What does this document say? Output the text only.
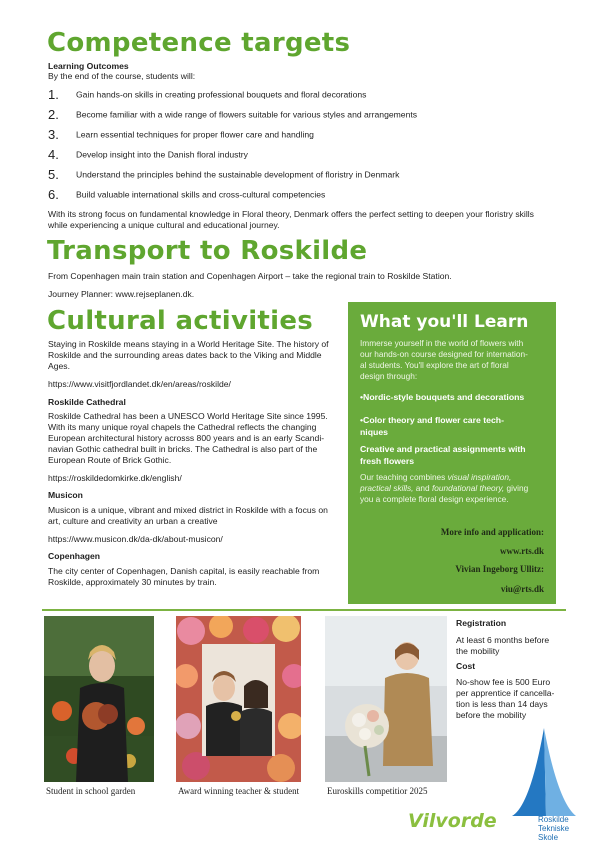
Competence targets
Learning Outcomes
By the end of the course, students will:
1. Gain hands-on skills in creating professional bouquets and floral decorations
2. Become familiar with a wide range of flowers suitable for various styles and arrangements
3. Learn essential techniques for proper flower care and handling
4. Develop insight into the Danish floral industry
5. Understand the principles behind the sustainable development of floristry in Denmark
6. Build valuable international skills and cross-cultural competencies
With its strong focus on fundamental knowledge in Floral theory, Denmark offers the perfect setting to deepen your floristry skills
while experiencing a unique cultural and educational journey.
Transport to Roskilde
From Copenhagen main train station and Copenhagen Airport – take the regional train to Roskilde Station.
Journey Planner: www.rejseplanen.dk.
Cultural activities
Staying in Roskilde means staying in a World Heritage Site. The history of
Roskilde and the surrounding areas dates back to the Viking and Middle
Ages.
https://www.visitfjordlandet.dk/en/areas/roskilde/
Roskilde Cathedral
Roskilde Cathedral has been a UNESCO World Heritage Site since 1995.
With its many unique royal chapels the Cathedral reflects the changing
European architectural history acrosss 800 years and is an early Scandi-
navian Gothic cathedral built in bricks. The Cathedral is also part of the
European Route of Brick Gothic.
https://roskildedomkirke.dk/english/
Musicon
Musicon is a unique, vibrant and mixed district in Roskilde with a focus on
art, culture and creativity an urban a creative
https://www.musicon.dk/da-dk/about-musicon/
Copenhagen
The city center of Copenhagen, Danish capital, is easily reachable from
Roskilde, approximately 30 minutes by train.
What you'll Learn
Immerse yourself in the world of flowers with
our hands-on course designed for internation-
al students. You'll explore the art of floral
design through:
•Nordic-style bouquets and decorations
•Color theory and flower care tech-
niques
Creative and practical assignments with
fresh flowers
Our teaching combines visual inspiration,
practical skills, and foundational theory, giving
you a complete floral design experience.
More info and application:
www.rts.dk
Vivian Ingeborg Ullitz:
viu@rts.dk
Student in school garden	Award winning teacher & student	Euroskills competitior 2025
Registration
At least 6 months before
the mobility
Cost
No-show fee is 500 Euro
per apprentice if cancella-
tion is less than 14 days
before the mobility
Vilvorde	Roskilde
Tekniske
Skole
